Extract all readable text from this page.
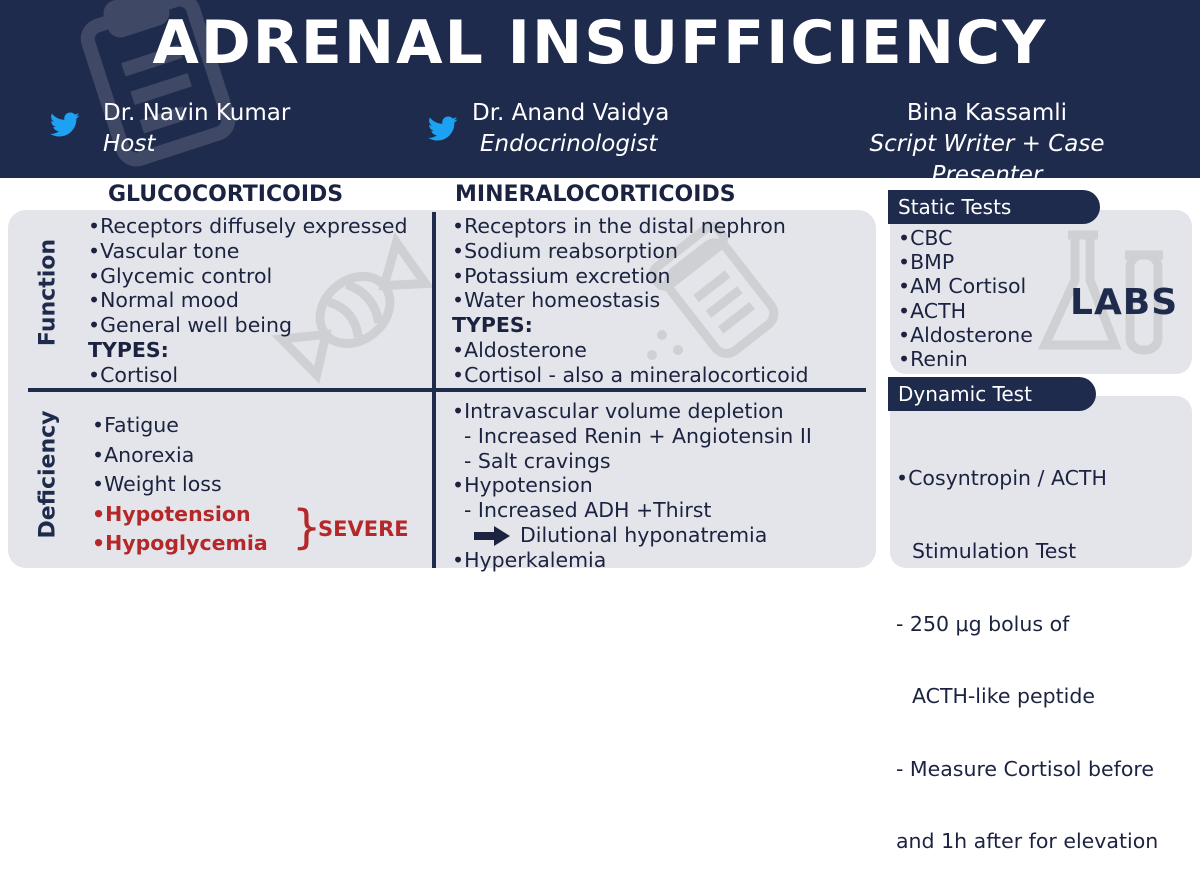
ADRENAL INSUFFICIENCY
Dr. Navin Kumar
Host
Dr. Anand Vaidya
Endocrinologist
Bina Kassamli
Script Writer + Case Presenter
GLUCOCORTICOIDS	MINERALOCORTICOIDS
Function
Deficiency
•Receptors diffusely expressed
•Vascular tone
•Glycemic control
•Normal mood
•General well being
TYPES:
•Cortisol
•Receptors in the distal nephron
•Sodium reabsorption
•Potassium excretion
•Water homeostasis
TYPES:
•Aldosterone
•Cortisol - also a mineralocorticoid
•Fatigue
•Anorexia
•Weight loss
•Hypotension
•Hypoglycemia }
SEVERE
•Intravascular volume depletion
- Increased Renin + Angiotensin II
- Salt cravings
•Hypotension
- Increased ADH +Thirst
Dilutional hyponatremia
•Hyperkalemia
Static Tests
•CBC
•BMP
•AM Cortisol
•ACTH
•Aldosterone
•Renin
LABS
Dynamic Test

•Cosyntropin / ACTH

Stimulation Test

- 250 μg bolus of

ACTH-like peptide

- Measure Cortisol before

and 1h after for elevation
